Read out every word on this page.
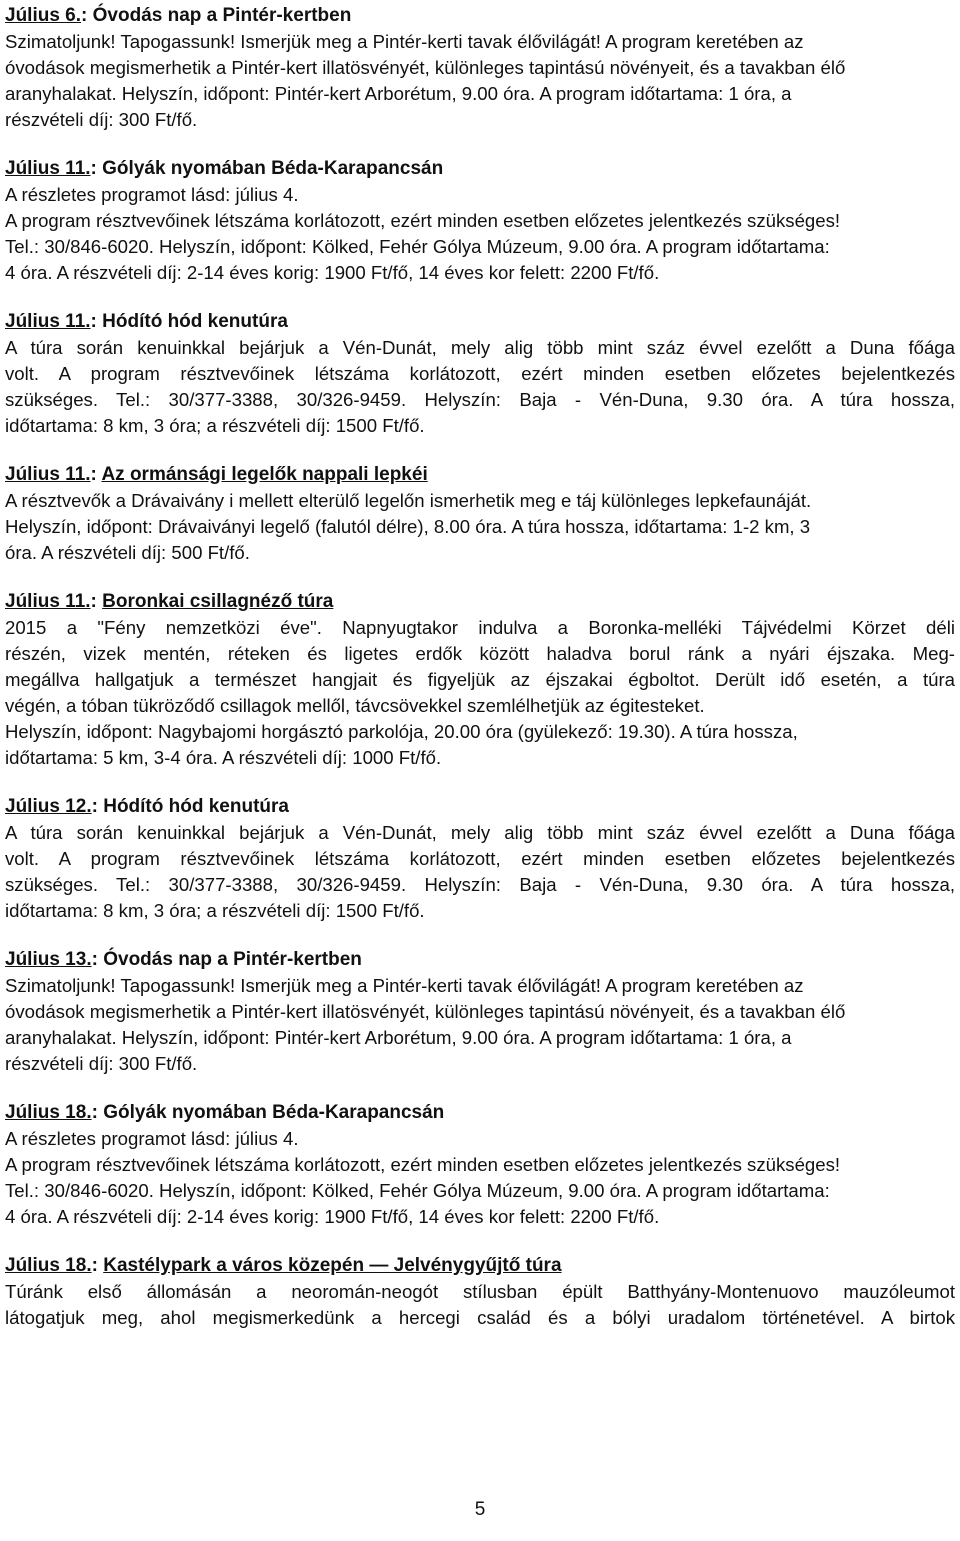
Július 6.: Óvodás nap a Pintér-kertben

Szimatoljunk! Tapogassunk! Ismerjük meg a Pintér-kerti tavak élővilágát! A program keretében az
óvodások megismerhetik a Pintér-kert illatösvényét, különleges tapintású növényeit, és a tavakban élő
aranyhalakat. Helyszín, időpont: Pintér-kert Arborétum, 9.00 óra. A program időtartama: 1 óra, a
részvételi díj: 300 Ft/fő.

Július 11.: Gólyák nyomában Béda-Karapancsán

A részletes programot lásd: július 4.
A program résztvevőinek létszáma korlátozott, ezért minden esetben előzetes jelentkezés szükséges!
Tel.: 30/846-6020. Helyszín, időpont: Kölked, Fehér Gólya Múzeum, 9.00 óra. A program időtartama:
4 óra. A részvételi díj: 2-14 éves korig: 1900 Ft/fő, 14 éves kor felett: 2200 Ft/fő.

Július 11.: Hódító hód kenutúra

A túra során kenuinkkal bejárjuk a Vén-Dunát, mely alig több mint száz évvel ezelőtt a Duna főága
volt. A program résztvevőinek létszáma korlátozott, ezért minden esetben előzetes bejelentkezés
szükséges. Tel.: 30/377-3388, 30/326-9459. Helyszín: Baja - Vén-Duna, 9.30 óra. A túra hossza,
időtartama: 8 km, 3 óra; a részvételi díj: 1500 Ft/fő.

Július 11.: Az ormánsági legelők nappali lepkéi

A résztvevők a Drávaivány i mellett elterülő legelőn ismerhetik meg e táj különleges lepkefaunáját.
Helyszín, időpont: Drávaiványi legelő (falutól délre), 8.00 óra. A túra hossza, időtartama: 1-2 km, 3
óra. A részvételi díj: 500 Ft/fő.

Július 11.: Boronkai csillagnéző túra

2015 a "Fény nemzetközi éve". Napnyugtakor indulva a Boronka-melléki Tájvédelmi Körzet déli
részén, vizek mentén, réteken és ligetes erdők között haladva borul ránk a nyári éjszaka. Meg-
megállva hallgatjuk a természet hangjait és figyeljük az éjszakai égboltot. Derült idő esetén, a túra
végén, a tóban tükröződő csillagok mellől, távcsövekkel szemlélhetjük az égitesteket.
Helyszín, időpont: Nagybajomi horgásztó parkolója, 20.00 óra (gyülekező: 19.30). A túra hossza,
időtartama: 5 km, 3-4 óra. A részvételi díj: 1000 Ft/fő.

Július 12.: Hódító hód kenutúra

A túra során kenuinkkal bejárjuk a Vén-Dunát, mely alig több mint száz évvel ezelőtt a Duna főága
volt. A program résztvevőinek létszáma korlátozott, ezért minden esetben előzetes bejelentkezés
szükséges. Tel.: 30/377-3388, 30/326-9459. Helyszín: Baja - Vén-Duna, 9.30 óra. A túra hossza,
időtartama: 8 km, 3 óra; a részvételi díj: 1500 Ft/fő.

Július 13.: Óvodás nap a Pintér-kertben

Szimatoljunk! Tapogassunk! Ismerjük meg a Pintér-kerti tavak élővilágát! A program keretében az
óvodások megismerhetik a Pintér-kert illatösvényét, különleges tapintású növényeit, és a tavakban élő
aranyhalakat. Helyszín, időpont: Pintér-kert Arborétum, 9.00 óra. A program időtartama: 1 óra, a
részvételi díj: 300 Ft/fő.

Július 18.: Gólyák nyomában Béda-Karapancsán

A részletes programot lásd: július 4.
A program résztvevőinek létszáma korlátozott, ezért minden esetben előzetes jelentkezés szükséges!
Tel.: 30/846-6020. Helyszín, időpont: Kölked, Fehér Gólya Múzeum, 9.00 óra. A program időtartama:
4 óra. A részvételi díj: 2-14 éves korig: 1900 Ft/fő, 14 éves kor felett: 2200 Ft/fő.

Július 18.: Kastélypark a város közepén — Jelvénygyűjtő túra

Túránk első állomásán a neoromán-neogót stílusban épült Batthyány-Montenuovo mauzóleumot
látogatjuk meg, ahol megismerkedünk a hercegi család és a bólyi uradalom történetével. A birtok
5
